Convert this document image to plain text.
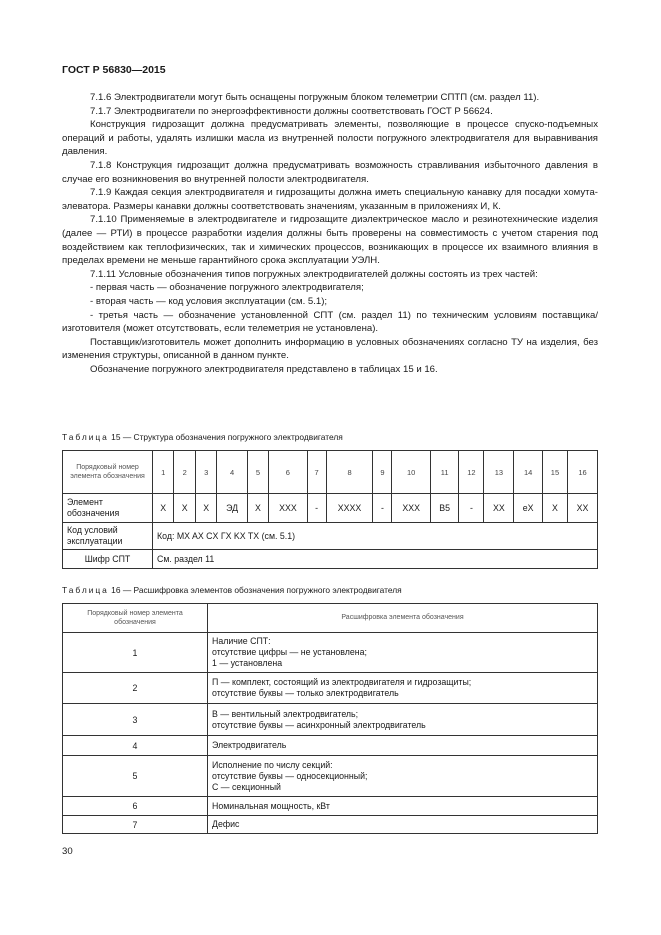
ГОСТ Р 56830—2015

7.1.6 Электродвигатели могут быть оснащены погружным блоком телеметрии СПТП (см. раздел 11).

7.1.7 Электродвигатели по энергоэффективности должны соответствовать ГОСТ Р 56624.

Конструкция гидрозащит должна предусматривать элементы, позволяющие в процессе спуско-подъемных операций и работы, удалять излишки масла из внутренней полости погружного электродвигателя для выравнивания давления.

7.1.8 Конструкция гидрозащит должна предусматривать возможность стравливания избыточного давления в случае его возникновения во внутренней полости электродвигателя.

7.1.9 Каждая секция электродвигателя и гидрозащиты должна иметь специальную канавку для посадки хомута-элеватора. Размеры канавки должны соответствовать значениям, указанным в приложениях И, К.

7.1.10 Применяемые в электродвигателе и гидрозащите диэлектрическое масло и резинотехнические изделия (далее — РТИ) в процессе разработки изделия должны быть проверены на совместимость с учетом старения под воздействием как теплофизических, так и химических процессов, возникающих в процессе их взаимного влияния в пределах времени не меньше гарантийного срока эксплуатации УЭЛН.

7.1.11 Условные обозначения типов погружных электродвигателей должны состоять из трех частей:

- первая часть — обозначение погружного электродвигателя;

- вторая часть — код условия эксплуатации (см. 5.1);

- третья часть — обозначение установленной СПТ (см. раздел 11) по техническим условиям поставщика/изготовителя (может отсутствовать, если телеметрия не установлена).

Поставщик/изготовитель может дополнить информацию в условных обозначениях согласно ТУ на изделия, без изменения структуры, описанной в данном пункте.

Обозначение погружного электродвигателя представлено в таблицах 15 и 16.

Таблица 15 — Структура обозначения погружного электродвигателя
Порядковый номер элемента обозначения	1	2	3	4	5	6	7	8	9	10	11	12	13	14	15	16
Элемент обозначения	X	X	X	ЭД	X	XXX	-	XXXX	-	XXX	B5	-	XX	eX	X	XX
Код условий эксплуатации	Код: MX AX CX ГX KX TX (см. 5.1)															
Шифр СПТ	См. раздел 11															
Таблица 16 — Расшифровка элементов обозначения погружного электродвигателя
Порядковый номер элемента обозначения	Расшифровка элемента обозначения
1	Наличие СПТ:
отсутствие цифры — не установлена;
1 — установлена

2	П — комплект, состоящий из электродвигателя и гидрозащиты;
отсутствие буквы — только электродвигатель

3	В — вентильный электродвигатель;
отсутствие буквы — асинхронный электродвигатель

4	Электродвигатель

5	Исполнение по числу секций:
отсутствие буквы — односекционный;
С — секционный

6	Номинальная мощность, кВт

7	Дефис
30
